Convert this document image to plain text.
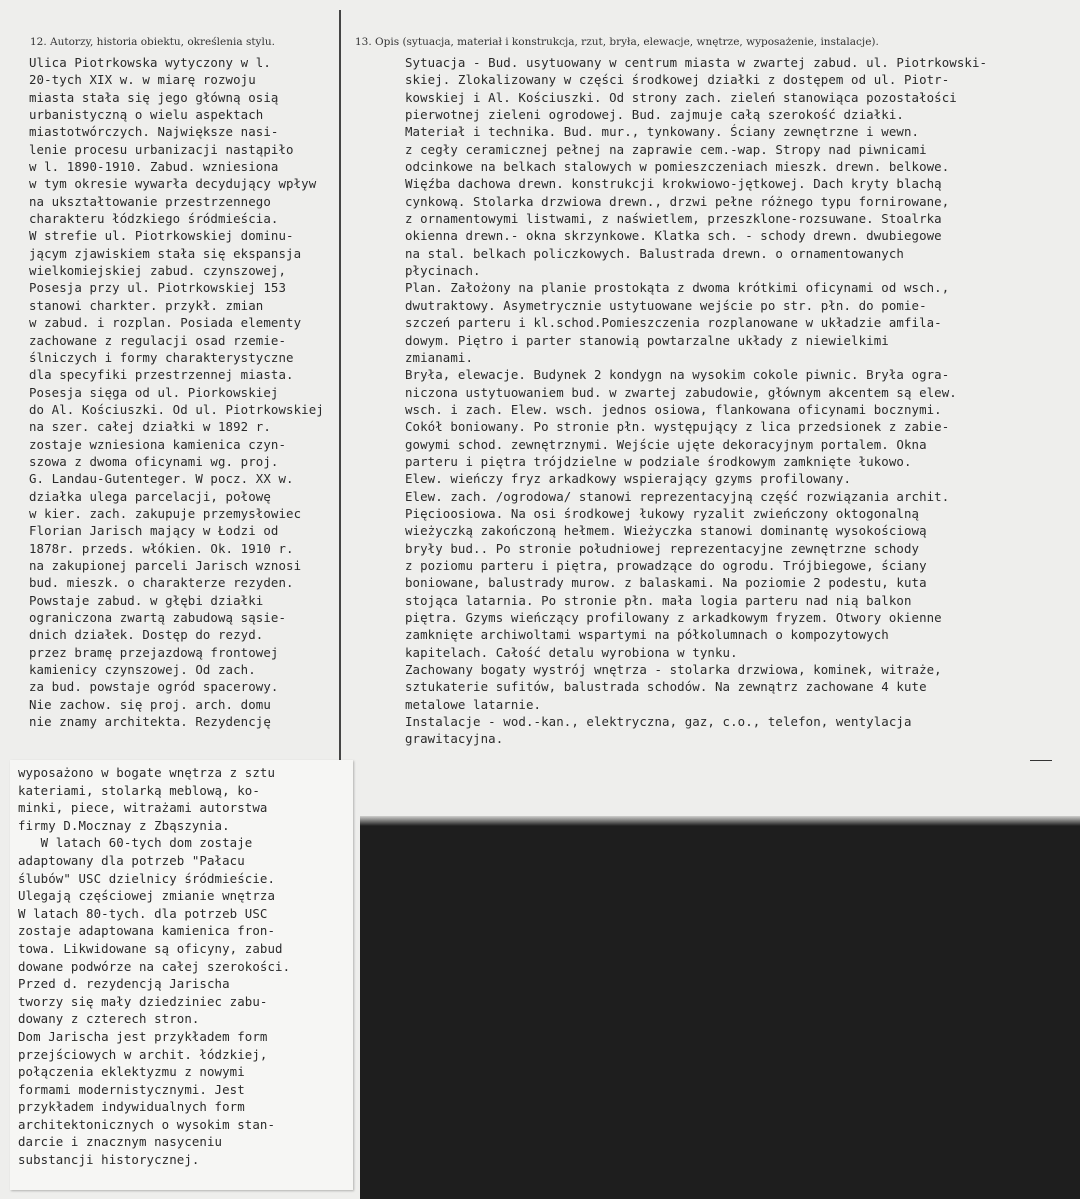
12. Autorzy, historia obiektu, określenia stylu.	13. Opis (sytuacja, materiał i konstrukcja, rzut, bryła, elewacje, wnętrze, wyposażenie, instalacje).
Ulica Piotrkowska wytyczony w l.
20-tych XIX w. w miarę rozwoju
miasta stała się jego główną osią
urbanistyczną o wielu aspektach
miastotwórczych. Największe nasi-
lenie procesu urbanizacji nastąpiło
w l. 1890-1910. Zabud. wzniesiona
w tym okresie wywarła decydujący wpływ
na ukształtowanie przestrzennego
charakteru łódzkiego śródmieścia.
W strefie ul. Piotrkowskiej dominu-
jącym zjawiskiem stała się ekspansja
wielkomiejskiej zabud. czynszowej,
Posesja przy ul. Piotrkowskiej 153
stanowi charkter. przykł. zmian
w zabud. i rozplan. Posiada elementy
zachowane z regulacji osad rzemie-
ślniczych i formy charakterystyczne
dla specyfiki przestrzennej miasta.
Posesja sięga od ul. Piorkowskiej
do Al. Kościuszki. Od ul. Piotrkowskiej
na szer. całej działki w 1892 r.
zostaje wzniesiona kamienica czyn-
szowa z dwoma oficynami wg. proj.
G. Landau-Gutenteger. W pocz. XX w.
działka ulega parcelacji, połowę
w kier. zach. zakupuje przemysłowiec
Florian Jarisch mający w Łodzi od
1878r. przeds. włókien. Ok. 1910 r.
na zakupionej parceli Jarisch wznosi
bud. mieszk. o charakterze rezyden.
Powstaje zabud. w głębi działki
ograniczona zwartą zabudową sąsie-
dnich działek. Dostęp do rezyd.
przez bramę przejazdową frontowej
kamienicy czynszowej. Od zach.
za bud. powstaje ogród spacerowy.
Nie zachow. się proj. arch. domu
nie znamy architekta. Rezydencję
Sytuacja - Bud. usytuowany w centrum miasta w zwartej zabud. ul. Piotrkowski-
skiej. Zlokalizowany w części środkowej działki z dostępem od ul. Piotr-
kowskiej i Al. Kościuszki. Od strony zach. zieleń stanowiąca pozostałości
pierwotnej zieleni ogrodowej. Bud. zajmuje całą szerokość działki.
Materiał i technika. Bud. mur., tynkowany. Ściany zewnętrzne i wewn.
z cegły ceramicznej pełnej na zaprawie cem.-wap. Stropy nad piwnicami
odcinkowe na belkach stalowych w pomieszczeniach mieszk. drewn. belkowe.
Więźba dachowa drewn. konstrukcji krokwiowo-jętkowej. Dach kryty blachą
cynkową. Stolarka drzwiowa drewn., drzwi pełne różnego typu fornirowane,
z ornamentowymi listwami, z naświetlem, przeszklone-rozsuwane. Stoalrka
okienna drewn.- okna skrzynkowe. Klatka sch. - schody drewn. dwubiegowe
na stal. belkach policzkowych. Balustrada drewn. o ornamentowanych
płycinach.
Plan. Założony na planie prostokąta z dwoma krótkimi oficynami od wsch.,
dwutraktowy. Asymetrycznie ustytuowane wejście po str. płn. do pomie-
szczeń parteru i kl.schod.Pomieszczenia rozplanowane w układzie amfila-
dowym. Piętro i parter stanowią powtarzalne układy z niewielkimi
zmianami.
Bryła, elewacje. Budynek 2 kondygn na wysokim cokole piwnic. Bryła ogra-
niczona ustytuowaniem bud. w zwartej zabudowie, głównym akcentem są elew.
wsch. i zach. Elew. wsch. jednos osiowa, flankowana oficynami bocznymi.
Cokół boniowany. Po stronie płn. występujący z lica przedsionek z zabie-
gowymi schod. zewnętrznymi. Wejście ujęte dekoracyjnym portalem. Okna
parteru i piętra trójdzielne w podziale środkowym zamknięte łukowo.
Elew. wieńczy fryz arkadkowy wspierający gzyms profilowany.
Elew. zach. /ogrodowa/ stanowi reprezentacyjną część rozwiązania archit.
Pięcioosiowa. Na osi środkowej łukowy ryzalit zwieńczony oktogonalną
wieżyczką zakończoną hełmem. Wieżyczka stanowi dominantę wysokościową
bryły bud.. Po stronie południowej reprezentacyjne zewnętrzne schody
z poziomu parteru i piętra, prowadzące do ogrodu. Trójbiegowe, ściany
boniowane, balustrady murow. z balaskami. Na poziomie 2 podestu, kuta
stojąca latarnia. Po stronie płn. mała logia parteru nad nią balkon
piętra. Gzyms wieńczący profilowany z arkadkowym fryzem. Otwory okienne
zamknięte archiwoltami wspartymi na półkolumnach o kompozytowych
kapitelach. Całość detalu wyrobiona w tynku.
Zachowany bogaty wystrój wnętrza - stolarka drzwiowa, kominek, witraże,
sztukaterie sufitów, balustrada schodów. Na zewnątrz zachowane 4 kute
metalowe latarnie.
Instalacje - wod.-kan., elektryczna, gaz, c.o., telefon, wentylacja
grawitacyjna.
wyposażono w bogate wnętrza z sztu
kateriami, stolarką meblową, ko-
minki, piece, witrażami autorstwa
firmy D.Mocznay z Zbąszynia.
W latach 60-tych dom zostaje
adaptowany dla potrzeb "Pałacu
ślubów" USC dzielnicy śródmieście.
Ulegają częściowej zmianie wnętrza
W latach 80-tych. dla potrzeb USC
zostaje adaptowana kamienica fron-
towa. Likwidowane są oficyny, zabud
dowane podwórze na całej szerokości.
Przed d. rezydencją Jarischa
tworzy się mały dziedziniec zabu-
dowany z czterech stron.
Dom Jarischa jest przykładem form
przejściowych w archit. łódzkiej,
połączenia eklektyzmu z nowymi
formami modernistycznymi. Jest
przykładem indywidualnych form
architektonicznych o wysokim stan-
darcie i znacznym nasyceniu
substancji historycznej.
